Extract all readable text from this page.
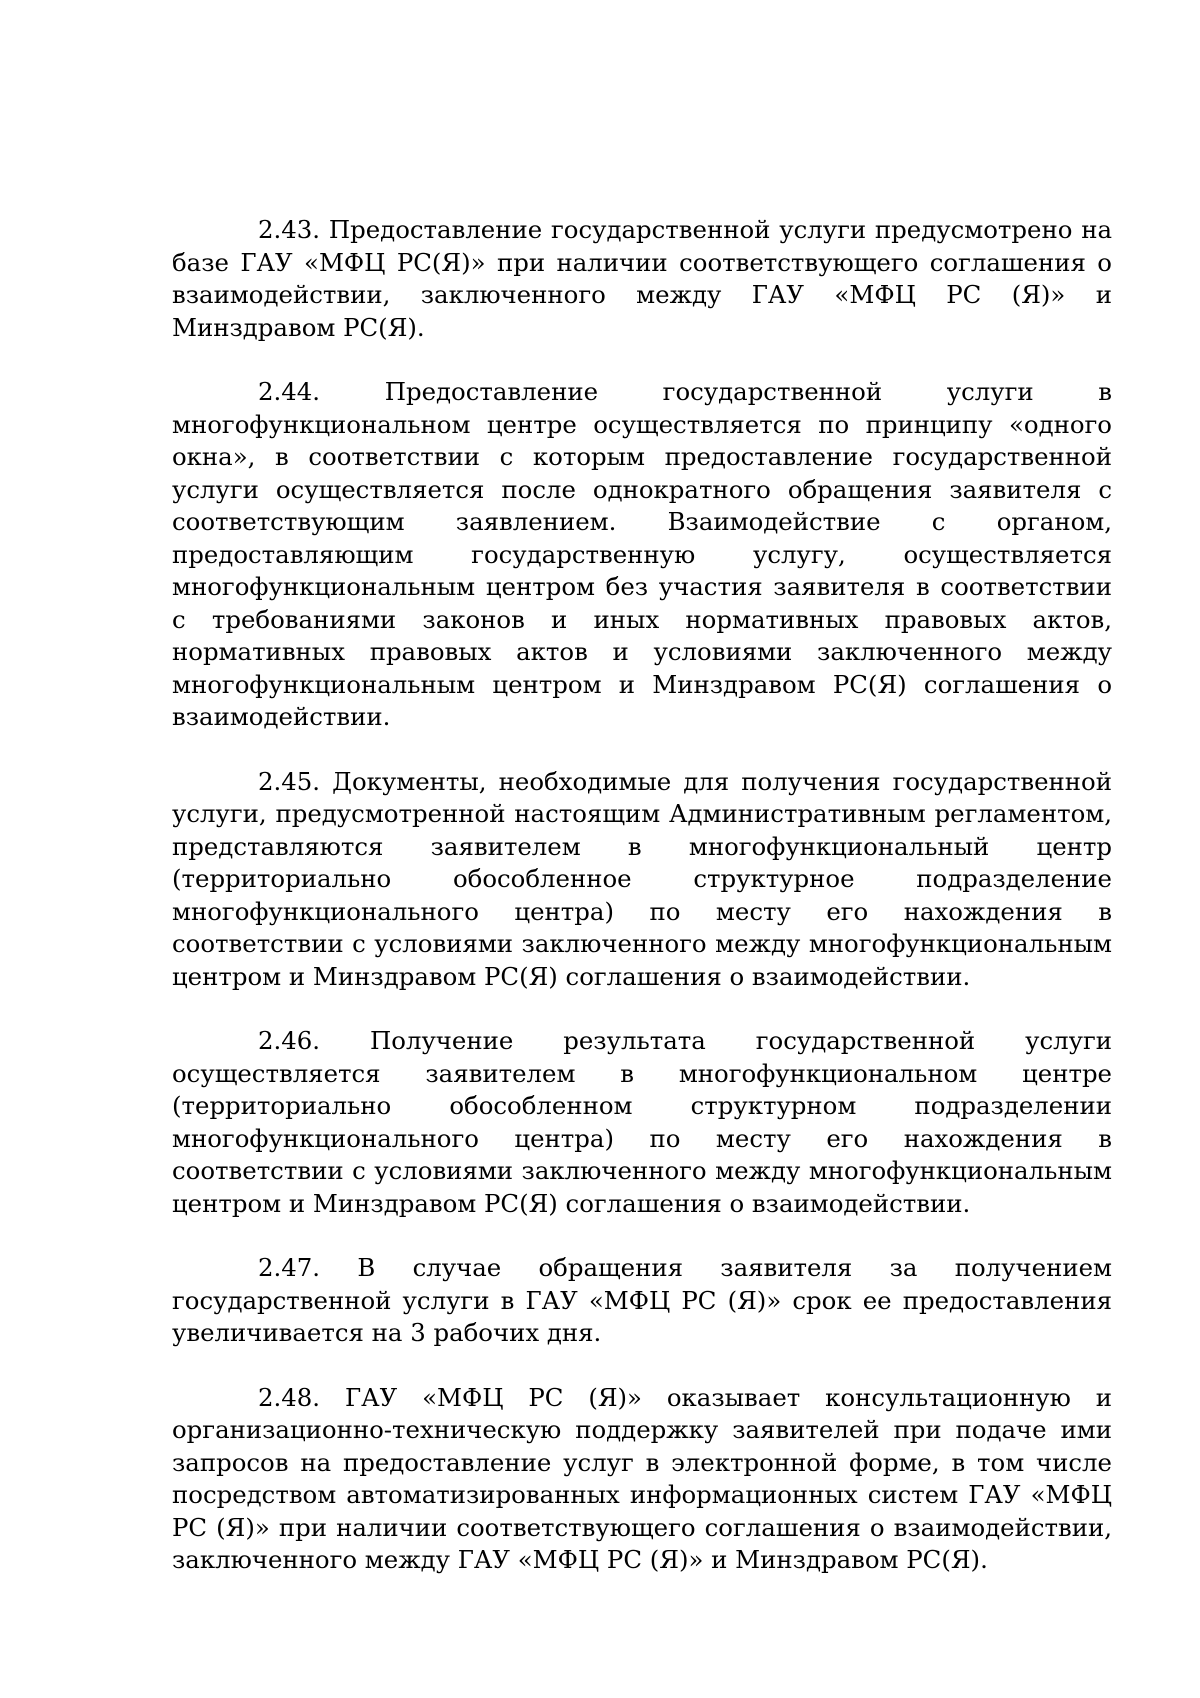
2.43. Предоставление государственной услуги предусмотрено на базе ГАУ «МФЦ РС(Я)» при наличии соответствующего соглашения о взаимодействии, заключенного между ГАУ «МФЦ РС (Я)» и Минздравом РС(Я).

2.44. Предоставление государственной услуги в многофункциональном центре осуществляется по принципу «одного окна», в соответствии с которым предоставление государственной услуги осуществляется после однократного обращения заявителя с соответствующим заявлением. Взаимодействие с органом, предоставляющим государственную услугу, осуществляется многофункциональным центром без участия заявителя в соответствии с требованиями законов и иных нормативных правовых актов, нормативных правовых актов и условиями заключенного между многофункциональным центром и Минздравом РС(Я) соглашения о взаимодействии.

2.45. Документы, необходимые для получения государственной услуги, предусмотренной настоящим Административным регламентом, представляются заявителем в многофункциональный центр (территориально обособленное структурное подразделение многофункционального центра) по месту его нахождения в соответствии с условиями заключенного между многофункциональным центром и Минздравом РС(Я) соглашения о взаимодействии.

2.46. Получение результата государственной услуги осуществляется заявителем в многофункциональном центре (территориально обособленном структурном подразделении многофункционального центра) по месту его нахождения в соответствии с условиями заключенного между многофункциональным центром и Минздравом РС(Я) соглашения о взаимодействии.

2.47. В случае обращения заявителя за получением государственной услуги в ГАУ «МФЦ РС (Я)» срок ее предоставления увеличивается на 3 рабочих дня.

2.48. ГАУ «МФЦ РС (Я)» оказывает консультационную и организационно-техническую поддержку заявителей при подаче ими запросов на предоставление услуг в электронной форме, в том числе посредством автоматизированных информационных систем ГАУ «МФЦ РС (Я)» при наличии соответствующего соглашения о взаимодействии, заключенного между ГАУ «МФЦ РС (Я)» и Минздравом РС(Я).
